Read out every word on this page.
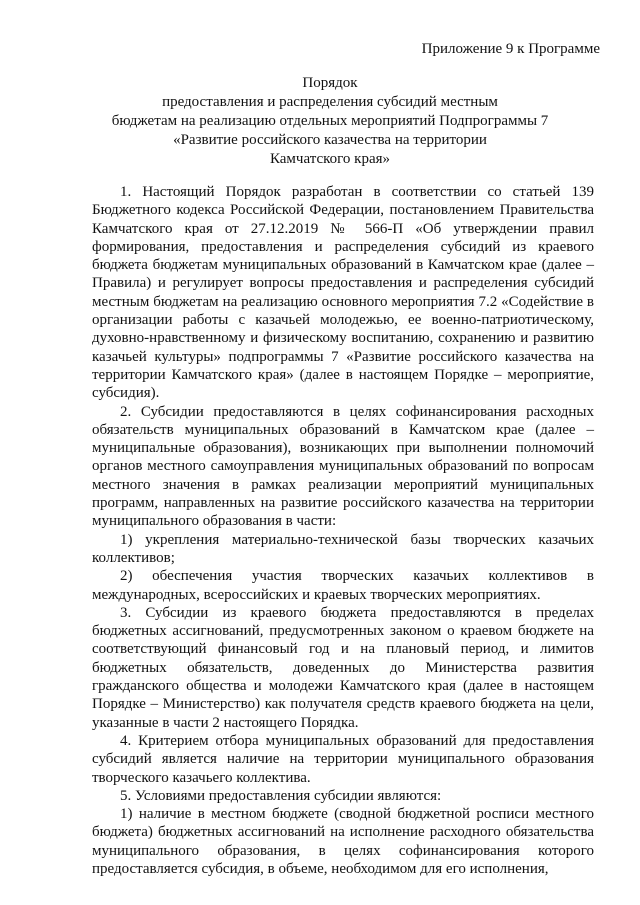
Приложение 9 к Программе
Порядок
предоставления и распределения субсидий местным
бюджетам на реализацию отдельных мероприятий Подпрограммы 7
«Развитие российского казачества на территории
Камчатского края»

1. Настоящий Порядок разработан в соответствии со статьей 139 Бюджетного кодекса Российской Федерации, постановлением Правительства Камчатского края от 27.12.2019 № 566-П «Об утверждении правил формирования, предоставления и распределения субсидий из краевого бюджета бюджетам муниципальных образований в Камчатском крае (далее – Правила) и регулирует вопросы предоставления и распределения субсидий местным бюджетам на реализацию основного мероприятия 7.2 «Содействие в организации работы с казачьей молодежью, ее военно-патриотическому, духовно-нравственному и физическому воспитанию, сохранению и развитию казачьей культуры» подпрограммы 7 «Развитие российского казачества на территории Камчатского края» (далее в настоящем Порядке – мероприятие, субсидия).

2. Субсидии предоставляются в целях софинансирования расходных обязательств муниципальных образований в Камчатском крае (далее – муниципальные образования), возникающих при выполнении полномочий органов местного самоуправления муниципальных образований по вопросам местного значения в рамках реализации мероприятий муниципальных программ, направленных на развитие российского казачества на территории муниципального образования в части:

1) укрепления материально-технической базы творческих казачьих коллективов;

2) обеспечения участия творческих казачьих коллективов в международных, всероссийских и краевых творческих мероприятиях.

3. Субсидии из краевого бюджета предоставляются в пределах бюджетных ассигнований, предусмотренных законом о краевом бюджете на соответствующий финансовый год и на плановый период, и лимитов бюджетных обязательств, доведенных до Министерства развития гражданского общества и молодежи Камчатского края (далее в настоящем Порядке – Министерство) как получателя средств краевого бюджета на цели, указанные в части 2 настоящего Порядка.

4. Критерием отбора муниципальных образований для предоставления субсидий является наличие на территории муниципального образования творческого казачьего коллектива.

5. Условиями предоставления субсидии являются:

1) наличие в местном бюджете (сводной бюджетной росписи местного бюджета) бюджетных ассигнований на исполнение расходного обязательства муниципального образования, в целях софинансирования которого предоставляется субсидия, в объеме, необходимом для его исполнения,
